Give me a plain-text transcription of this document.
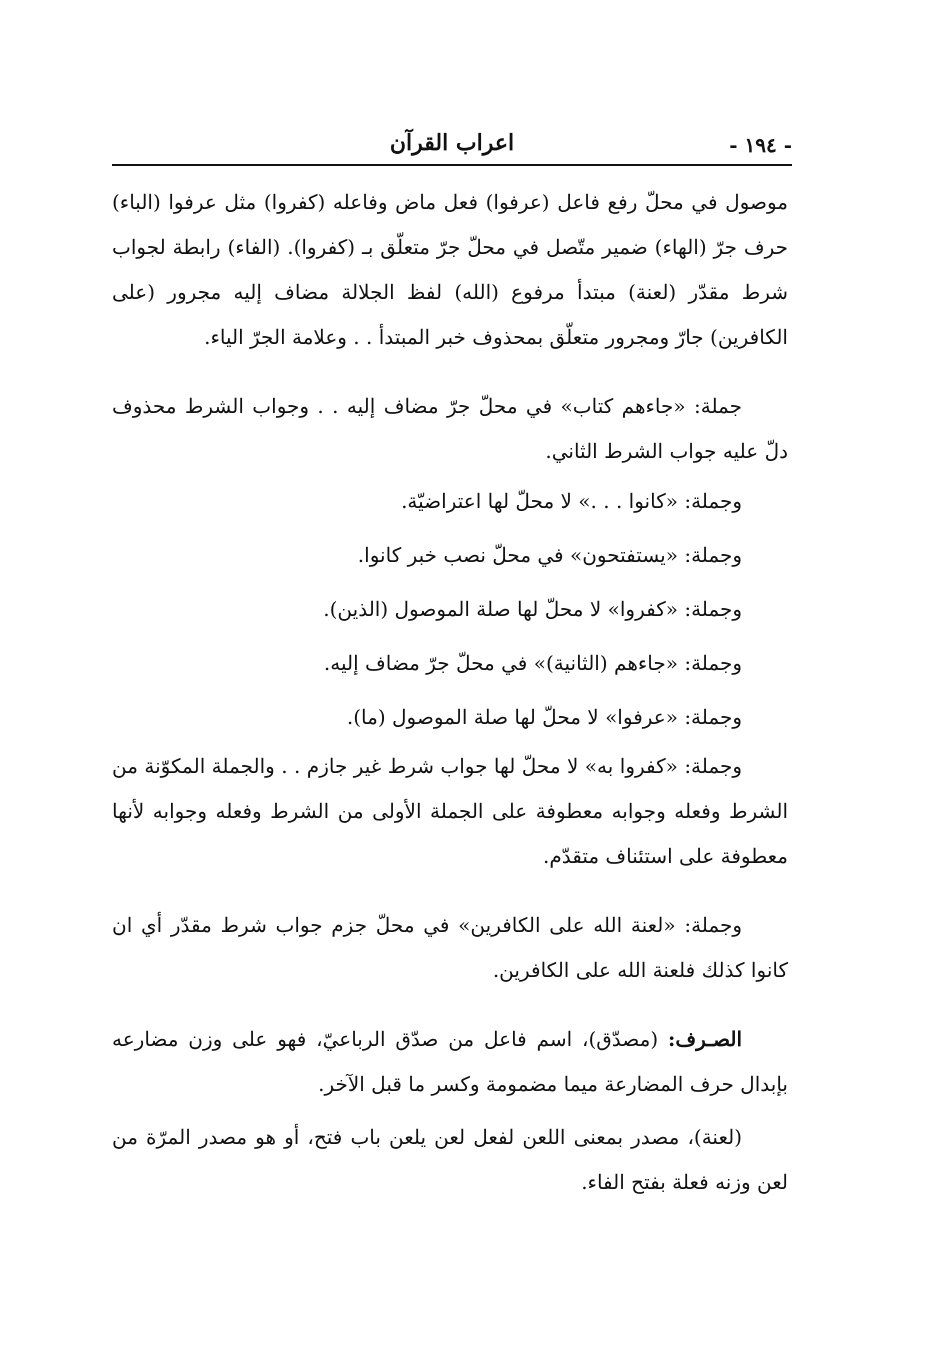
اعراب القرآن	- ١٩٤ -

موصول في محلّ رفع فاعل (عرفوا) فعل ماض وفاعله (كفروا) مثل عرفوا (الباء) حرف جرّ (الهاء) ضمير متّصل في محلّ جرّ متعلّق بـ (كفروا). (الفاء) رابطة لجواب شرط مقدّر (لعنة) مبتدأ مرفوع (الله) لفظ الجلالة مضاف إليه مجرور (على الكافرين) جارّ ومجرور متعلّق بمحذوف خبر المبتدأ . . وعلامة الجرّ الياء.

جملة: «جاءهم كتاب» في محلّ جرّ مضاف إليه . . وجواب الشرط محذوف دلّ عليه جواب الشرط الثاني.

وجملة: «كانوا . . .» لا محلّ لها اعتراضيّة.

وجملة: «يستفتحون» في محلّ نصب خبر كانوا.

وجملة: «كفروا» لا محلّ لها صلة الموصول (الذين).

وجملة: «جاءهم (الثانية)» في محلّ جرّ مضاف إليه.

وجملة: «عرفوا» لا محلّ لها صلة الموصول (ما).

وجملة: «كفروا به» لا محلّ لها جواب شرط غير جازم . . والجملة المكوّنة من الشرط وفعله وجوابه معطوفة على الجملة الأولى من الشرط وفعله وجوابه لأنها معطوفة على استئناف متقدّم.

وجملة: «لعنة الله على الكافرين» في محلّ جزم جواب شرط مقدّر أي ان كانوا كذلك فلعنة الله على الكافرين.

الصـرف: (مصدّق)، اسم فاعل من صدّق الرباعيّ، فهو على وزن مضارعه بإبدال حرف المضارعة ميما مضمومة وكسر ما قبل الآخر.

(لعنة)، مصدر بمعنى اللعن لفعل لعن يلعن باب فتح، أو هو مصدر المرّة من لعن وزنه فعلة بفتح الفاء.
